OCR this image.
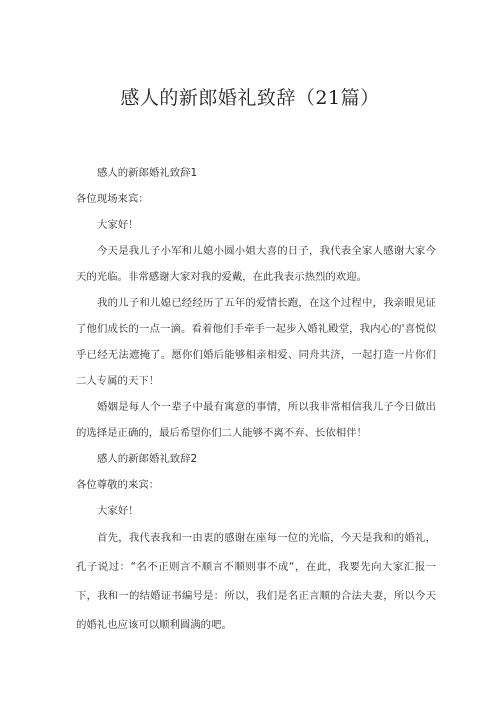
感人的新郎婚礼致辞（21篇）

感人的新郎婚礼致辞1

各位现场来宾：

大家好！

今天是我儿子小军和儿媳小圆小姐大喜的日子，我代表全家人感谢大家今天的光临。非常感谢大家对我的爱戴，在此我表示热烈的欢迎。

我的儿子和儿媳已经经历了五年的爱情长跑，在这个过程中，我亲眼见证了他们成长的一点一滴。看着他们手牵手一起步入婚礼殿堂，我内心的'喜悦似乎已经无法遮掩了。愿你们婚后能够相亲相爱、同舟共济，一起打造一片你们二人专属的天下！

婚姻是每人个一辈子中最有寓意的事情，所以我非常相信我儿子今日做出的选择是正确的，最后希望你们二人能够不离不弃、长依相伴！

感人的新郎婚礼致辞2

各位尊敬的来宾：

大家好！

首先，我代表我和一由衷的感谢在座每一位的光临，今天是我和的婚礼，孔子说过：“名不正则言不顺言不顺则事不成“，在此，我要先向大家汇报一下，我和一的结婚证书编号是：所以，我们是名正言顺的合法夫妻，所以今天的婚礼也应该可以顺利圆满的吧。
